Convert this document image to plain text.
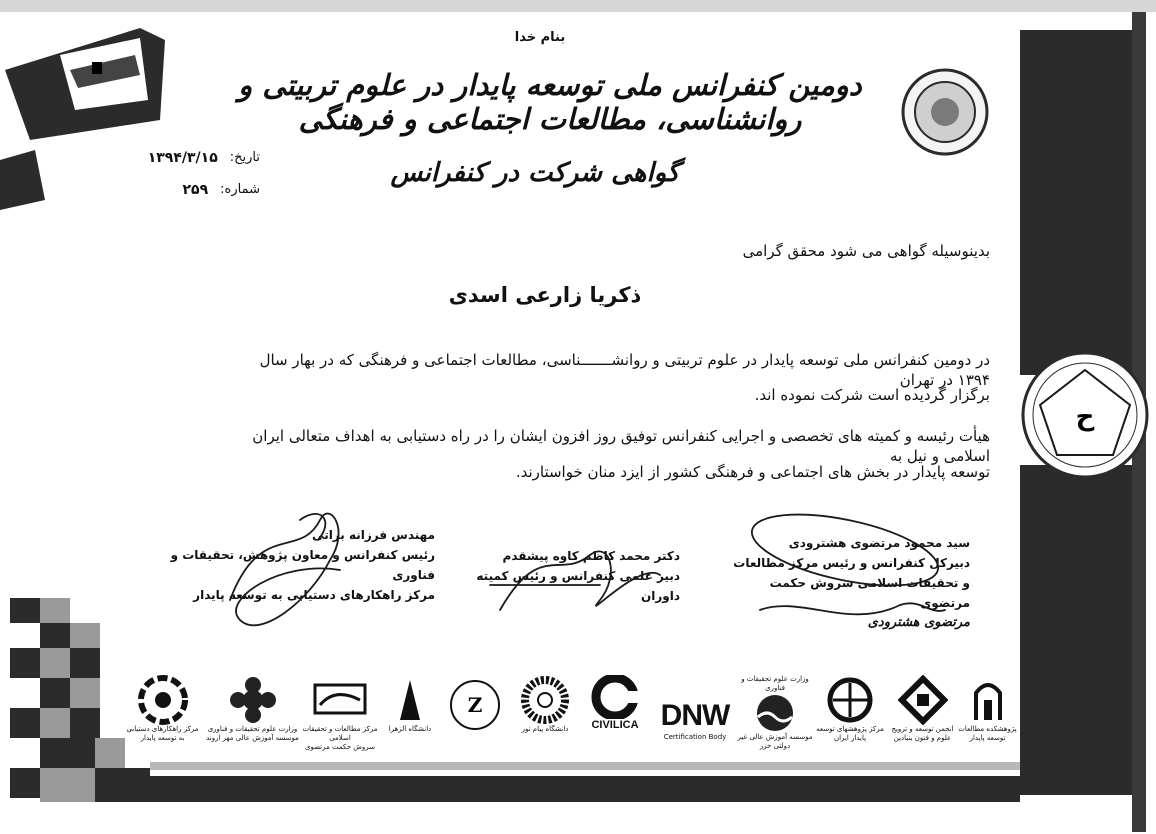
ح
بنام خدا
دومین کنفرانس ملی توسعه پایدار در علوم تربیتی و روانشناسی، مطالعات اجتماعی و فرهنگی
گواهی شرکت در کنفرانس
تاریخ:
۱۳۹۴/۳/۱۵
شماره:
۲۵۹
بدینوسیله گواهی می شود محقق گرامی
ذکریا زارعی اسدی
در دومین کنفرانس ملی توسعه پایدار در علوم تربیتی و روانشـــــــناسی، مطالعات اجتماعی و فرهنگی که در بهار سال ۱۳۹۴ در تهران
برگزار گردیده است شرکت نموده اند.
هیأت رئیسه و کمیته های تخصصی و اجرایی کنفرانس توفیق روز افزون ایشان را در راه دستیابی به اهداف متعالی ایران اسلامی و نیل به
توسعه پایدار در بخش های اجتماعی و فرهنگی کشور از ایزد منان خواستارند.
سید محمود مرتضوی هشترودی
دبیرکل کنفرانس و رئیس مرکز مطالعات
و تحقیقات اسلامی سروش حکمت مرتضوی
مرتضوی هشترودی
دکتر محمد کاظم کاوه پیشقدم
دبیر علمی کنفرانس و رئیس کمیته داوران
مهندس فرزانه براتی
رئیس کنفرانس و معاون پژوهش، تحقیقات و فناوری
مرکز راهکارهای دستیابی به توسعه پایدار
مرکز راهکارهای دستیابی به توسعه پایدار
وزارت علوم تحقیقات و فناوری
موسسه آموزش عالی مهر اروند
مرکز مطالعات و تحقیقات اسلامی
سروش حکمت مرتضوی
دانشگاه الزهرا
Z
دانشگاه پیام نور CIVILICA DNW
Certification Body
وزارت علوم تحقیقات و فناوری
موسسه آموزش عالی غیر دولتی خزر
مرکز پژوهشهای توسعه پایدار ایران
انجمن توسعه و ترویج
علوم و فنون بنیادین
پژوهشکده مطالعات توسعه پایدار
